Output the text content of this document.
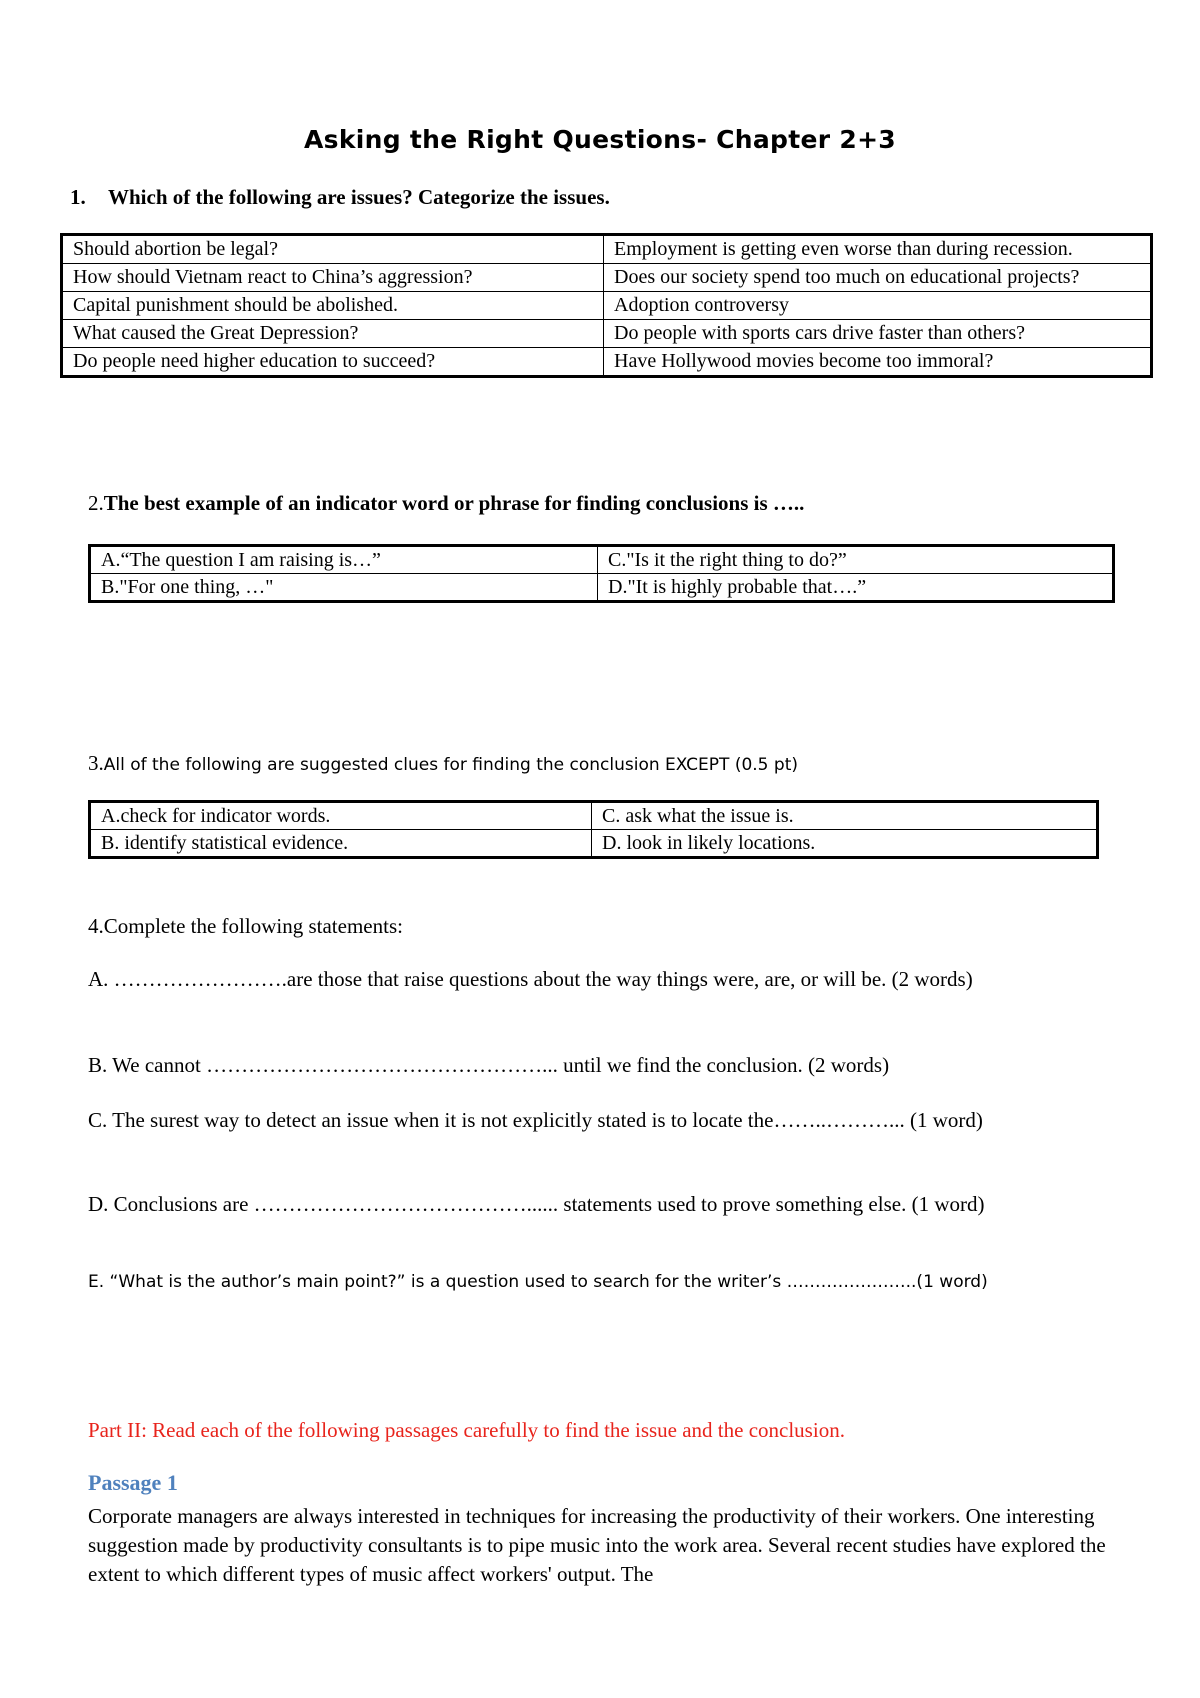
Asking the Right Questions- Chapter 2+3
1. Which of the following are issues? Categorize the issues.
Should abortion be legal?	Employment is getting even worse than during recession.
How should Vietnam react to China’s aggression?	Does our society spend too much on educational projects?
Capital punishment should be abolished.	Adoption controversy
What caused the Great Depression?	Do people with sports cars drive faster than others?
Do people need higher education to succeed?	Have Hollywood movies become too immoral?
2.The best example of an indicator word or phrase for finding conclusions is …..
A.“The question I am raising is…”	C."Is it the right thing to do?”
B."For one thing, …"	D."It is highly probable that….”
3.All of the following are suggested clues for finding the conclusion EXCEPT (0.5 pt)
A.check for indicator words.	C. ask what the issue is.
B. identify statistical evidence.	D. look in likely locations.
4.Complete the following statements:
A. …………………….are those that raise questions about the way things were, are, or will be. (2 words)
B. We cannot …………………………………………... until we find the conclusion. (2 words)
C. The surest way to detect an issue when it is not explicitly stated is to locate the……..………... (1 word)
D. Conclusions are …………………………………...... statements used to prove something else. (1 word)
E. “What is the author’s main point?” is a question used to search for the writer’s …………………..(1 word)
Part II: Read each of the following passages carefully to find the issue and the conclusion.
Passage 1
Corporate managers are always interested in techniques for increasing the productivity of their workers. One interesting suggestion made by productivity consultants is to pipe music into the work area. Several recent studies have explored the extent to which different types of music affect workers' output. The
